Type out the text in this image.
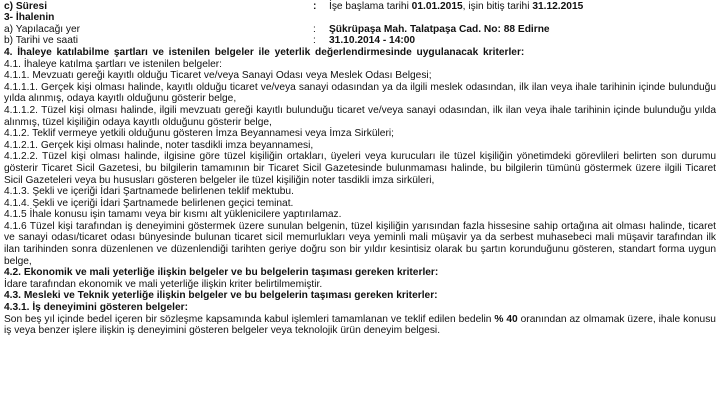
c) Süresi	:	İşe başlama tarihi 01.01.2015, işin bitiş tarihi 31.12.2015

3- İhalenin

a) Yapılacağı yer	:	Şükrüpaşa Mah. Talatpaşa Cad. No: 88 Edirne
b) Tarihi ve saati	:	31.10.2014 - 14:00

4. İhaleye katılabilme şartları ve istenilen belgeler ile yeterlik değerlendirmesinde uygulanacak kriterler:

4.1. İhaleye katılma şartları ve istenilen belgeler:

4.1.1. Mevzuatı gereği kayıtlı olduğu Ticaret ve/veya Sanayi Odası veya Meslek Odası Belgesi;

4.1.1.1. Gerçek kişi olması halinde, kayıtlı olduğu ticaret ve/veya sanayi odasından ya da ilgili meslek odasından, ilk ilan veya ihale tarihinin içinde bulunduğu yılda alınmış, odaya kayıtlı olduğunu gösterir belge,

4.1.1.2. Tüzel kişi olması halinde, ilgili mevzuatı gereği kayıtlı bulunduğu ticaret ve/veya sanayi odasından, ilk ilan veya ihale tarihinin içinde bulunduğu yılda alınmış, tüzel kişiliğin odaya kayıtlı olduğunu gösterir belge,

4.1.2. Teklif vermeye yetkili olduğunu gösteren İmza Beyannamesi veya İmza Sirküleri;

4.1.2.1. Gerçek kişi olması halinde, noter tasdikli imza beyannamesi,

4.1.2.2. Tüzel kişi olması halinde, ilgisine göre tüzel kişiliğin ortakları, üyeleri veya kurucuları ile tüzel kişiliğin yönetimdeki görevlileri belirten son durumu gösterir Ticaret Sicil Gazetesi, bu bilgilerin tamamının bir Ticaret Sicil Gazetesinde bulunmaması halinde, bu bilgilerin tümünü göstermek üzere ilgili Ticaret Sicil Gazeteleri veya bu hususları gösteren belgeler ile tüzel kişiliğin noter tasdikli imza sirküleri,

4.1.3. Şekli ve içeriği İdari Şartnamede belirlenen teklif mektubu.

4.1.4. Şekli ve içeriği İdari Şartnamede belirlenen geçici teminat.

4.1.5 İhale konusu işin tamamı veya bir kısmı alt yüklenicilere yaptırılamaz.

4.1.6 Tüzel kişi tarafından iş deneyimini göstermek üzere sunulan belgenin, tüzel kişiliğin yarısından fazla hissesine sahip ortağına ait olması halinde, ticaret ve sanayi odası/ticaret odası bünyesinde bulunan ticaret sicil memurlukları veya yeminli mali müşavir ya da serbest muhasebeci mali müşavir tarafından ilk ilan tarihinden sonra düzenlenen ve düzenlendiği tarihten geriye doğru son bir yıldır kesintisiz olarak bu şartın korunduğunu gösteren, standart forma uygun belge,

4.2. Ekonomik ve mali yeterliğe ilişkin belgeler ve bu belgelerin taşıması gereken kriterler:

İdare tarafından ekonomik ve mali yeterliğe ilişkin kriter belirtilmemiştir.

4.3. Mesleki ve Teknik yeterliğe ilişkin belgeler ve bu belgelerin taşıması gereken kriterler:

4.3.1. İş deneyimini gösteren belgeler:

Son beş yıl içinde bedel içeren bir sözleşme kapsamında kabul işlemleri tamamlanan ve teklif edilen bedelin % 40 oranından az olmamak üzere, ihale konusu iş veya benzer işlere ilişkin iş deneyimini gösteren belgeler veya teknolojik ürün deneyim belgesi.
